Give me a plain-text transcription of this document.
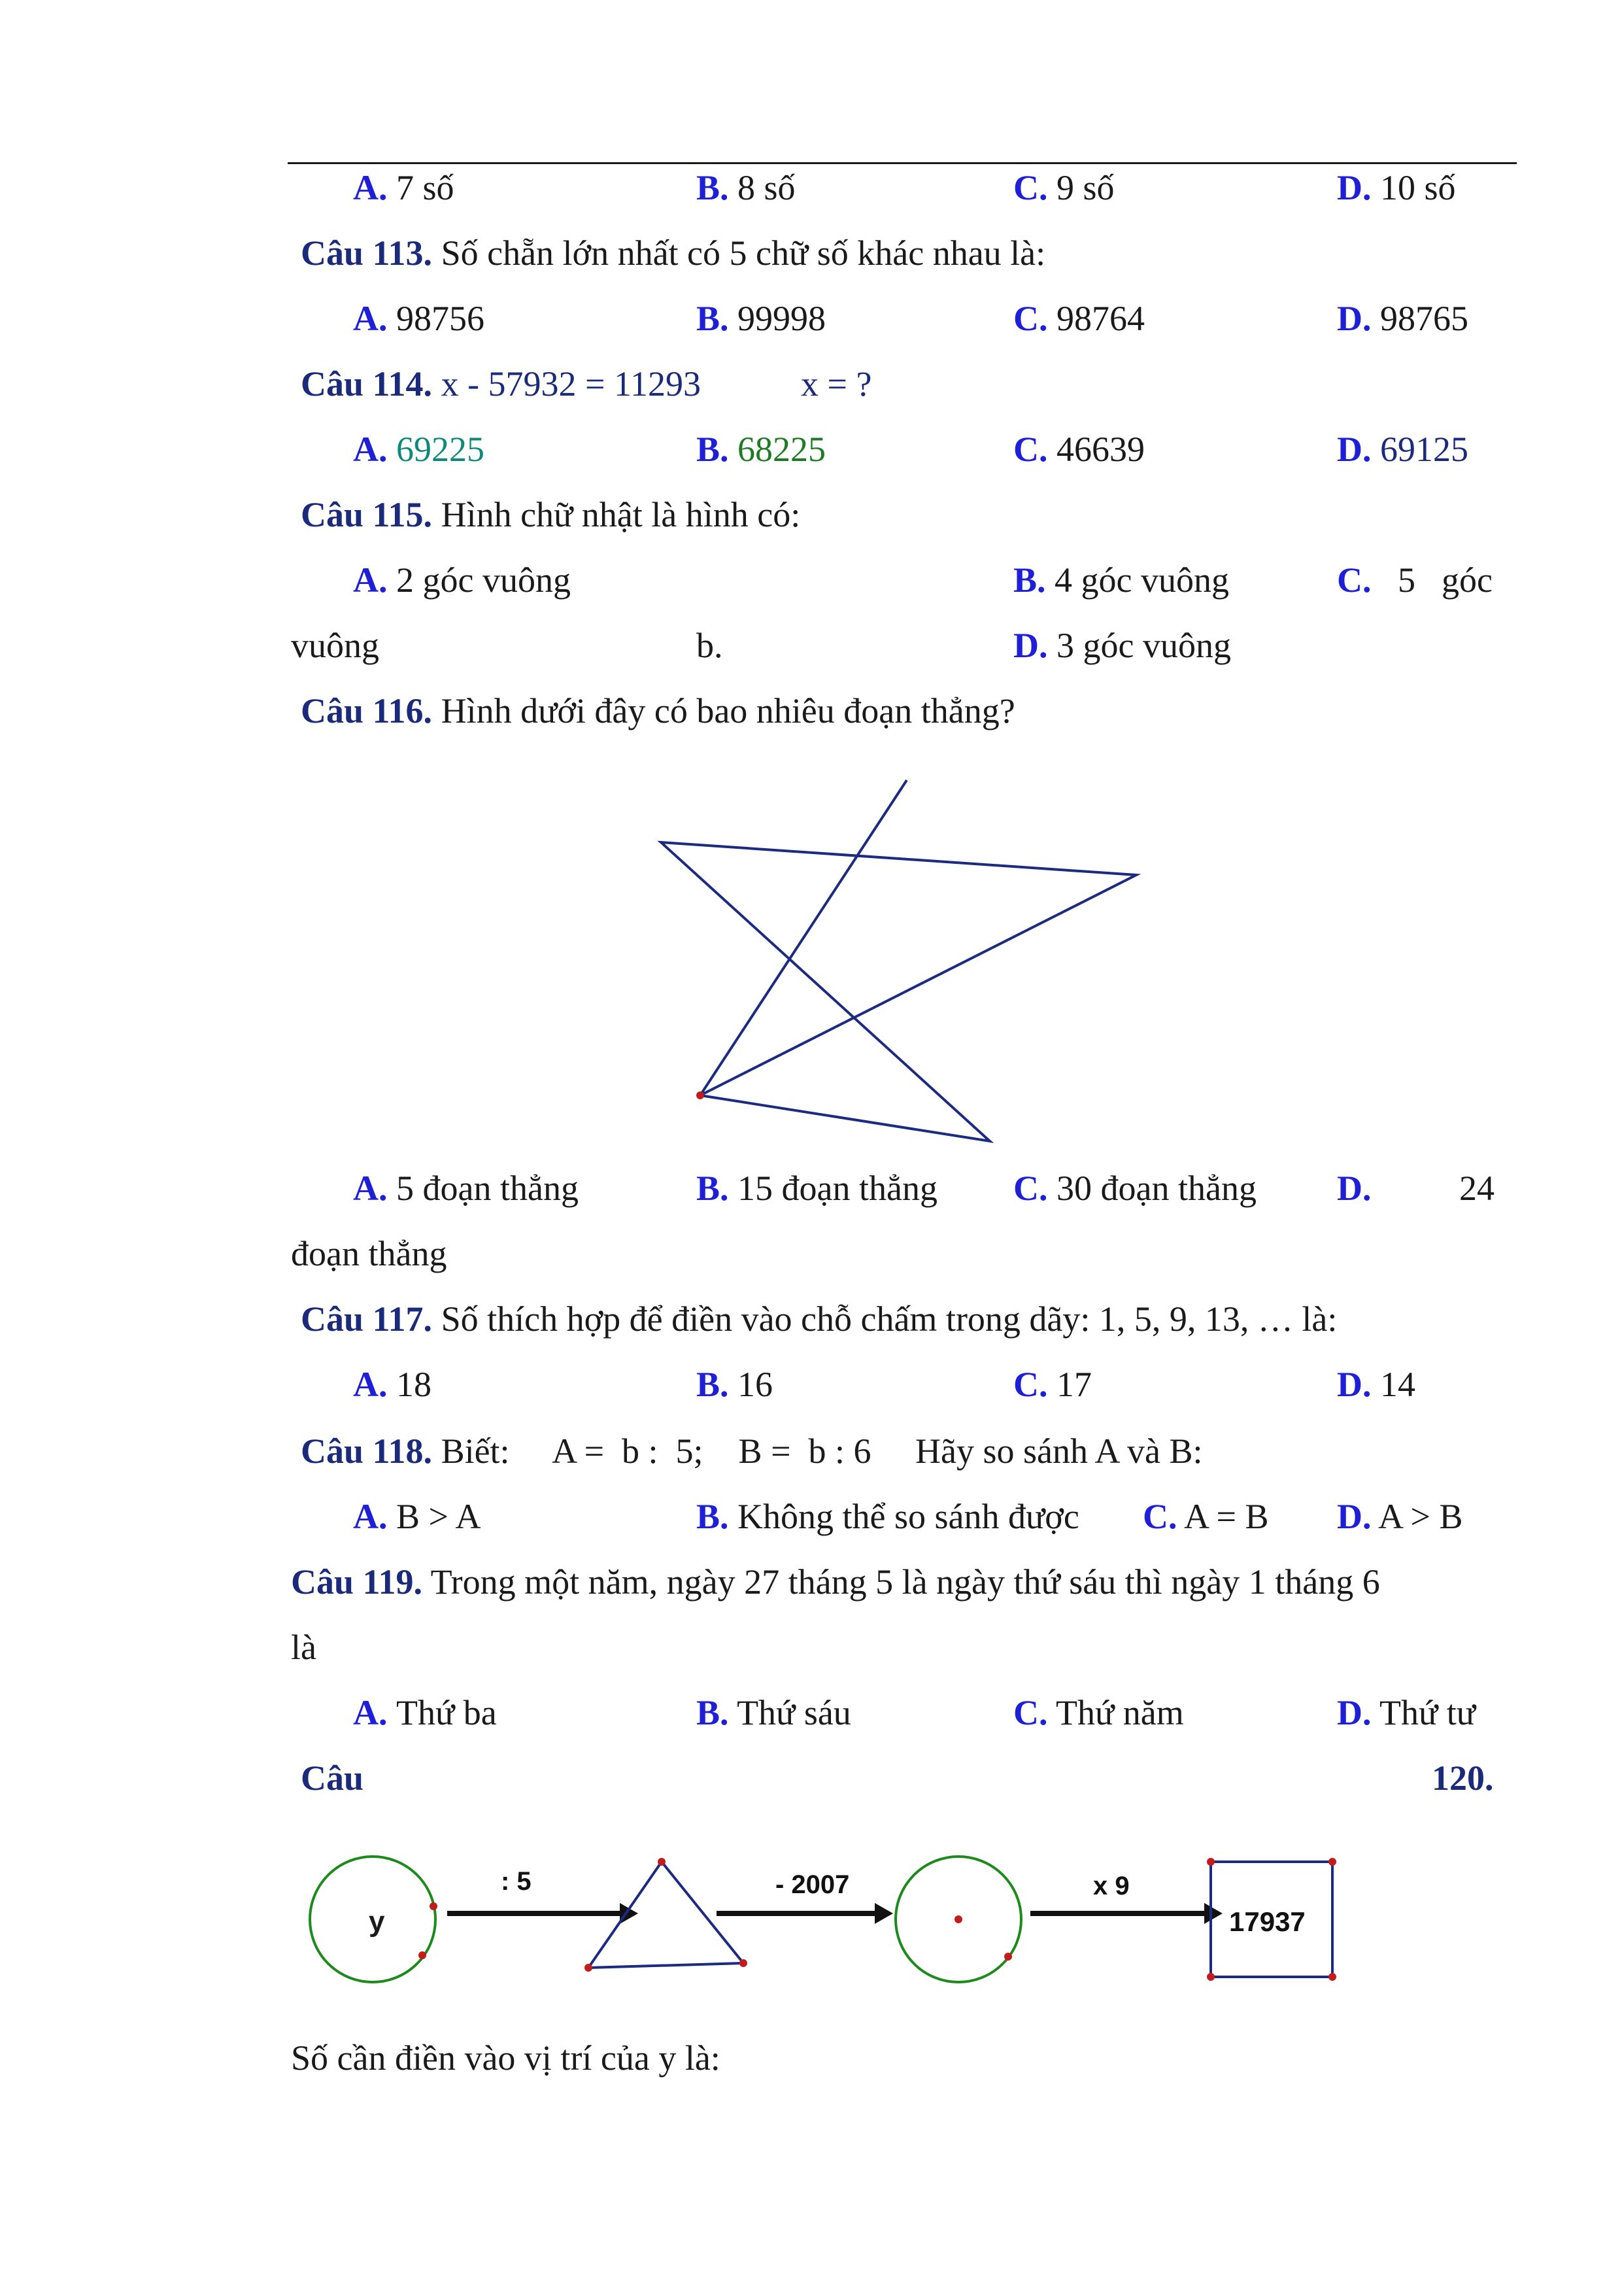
A. 7 số	B. 8 số	C. 9 số	D. 10 số
Câu 113. Số chẵn lớn nhất có 5 chữ số khác nhau là:
A. 98756	B. 99998	C. 98764	D. 98765
Câu 114. x - 57932 = 11293	x = ?
A. 69225	B. 68225	C. 46639	D. 69125
Câu 115. Hình chữ nhật là hình có:
A. 2 góc vuông	B. 4 góc vuông	C. 5 góc
vuông	b.	D. 3 góc vuông
Câu 116. Hình dưới đây có bao nhiêu đoạn thẳng?
A. 5 đoạn thẳng	B. 15 đoạn thẳng C. 30 đoạn thẳng D. 24
đoạn thẳng
Câu 117. Số thích hợp để điền vào chỗ chấm trong dãy: 1, 5, 9, 13, … là:
A. 18	B. 16	C. 17	D. 14
Câu 118. Biết:     A =  b :  5;    B =  b : 6     Hãy so sánh A và B:
A. B > A	B. Không thể so sánh được C. A = B D. A > B
Câu 119. Trong một năm, ngày 27 tháng 5 là ngày thứ sáu thì ngày 1 tháng 6
là
A. Thứ ba	B. Thứ sáu	C. Thứ năm	D. Thứ tư
Câu	120.
y
: 5	- 2007	x 9
17937
Số cần điền vào vị trí của y là:
